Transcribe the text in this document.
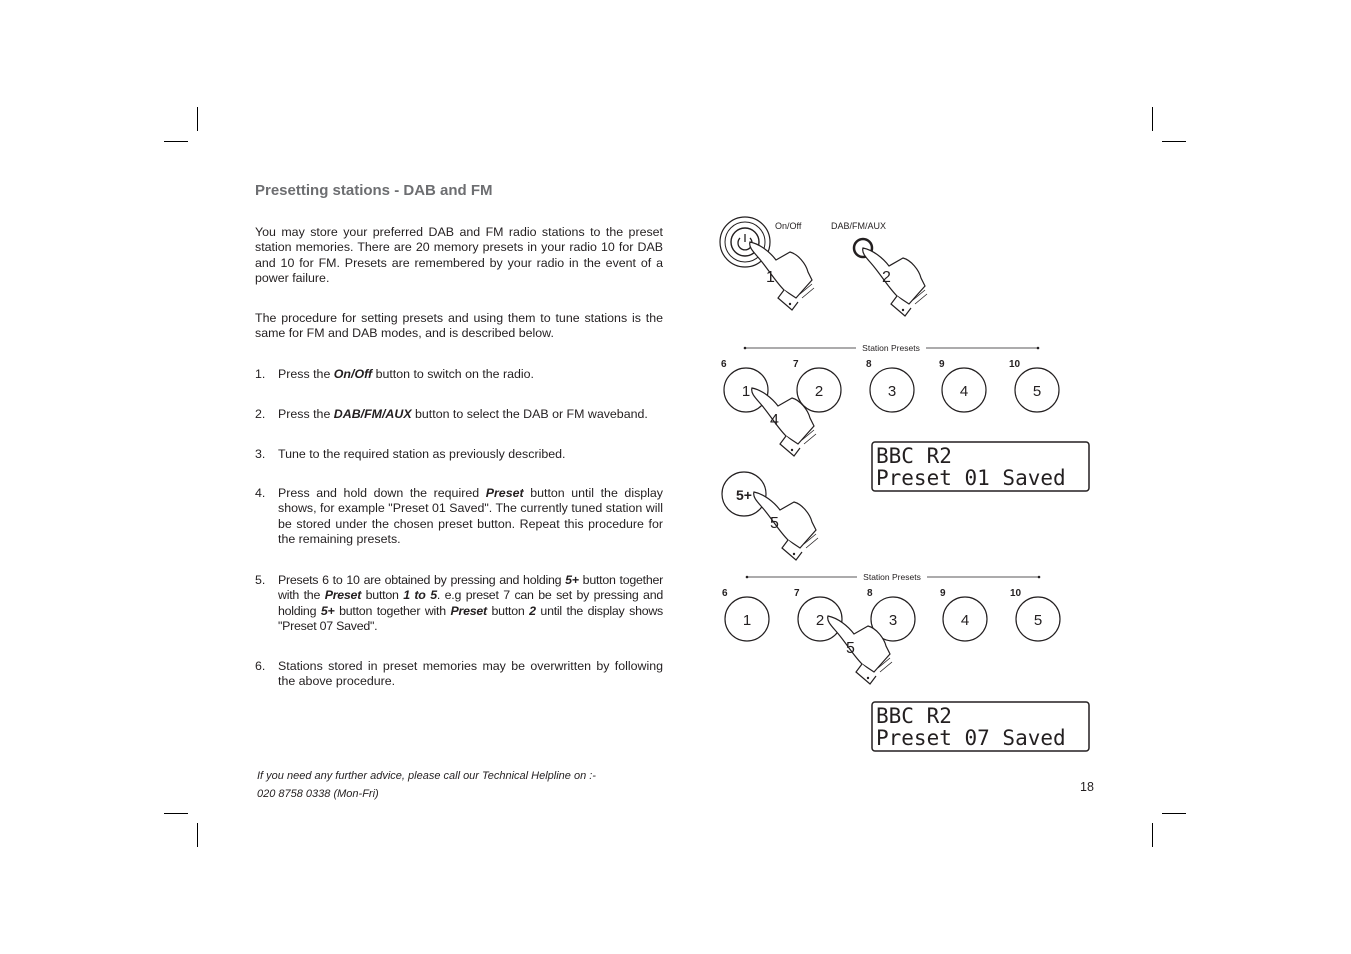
Presetting stations - DAB and FM

You may store your preferred DAB and FM radio stations to the preset station memories. There are 20 memory presets in your radio 10 for DAB and 10 for FM. Presets are remembered by your radio in the event of a power failure.

The procedure for setting presets and using them to tune stations is the same for FM and DAB modes, and is described below.

1. Press the On/Off button to switch on the radio.
2. Press the DAB/FM/AUX button to select the DAB or FM waveband.
3. Tune to the required station as previously described.
4. Press and hold down the required Preset button until the display shows, for example "Preset 01 Saved". The currently tuned station will be stored under the chosen preset button. Repeat this procedure for the remaining presets.
5. Presets 6 to 10 are obtained by pressing and holding 5+ button together with the Preset button 1 to 5. e.g preset 7 can be set by pressing and holding 5+ button together with Preset button 2 until the display shows "Preset 07 Saved".
6. Stations stored in preset memories may be overwritten by following the above procedure.
If you need any further advice, please call our Technical Helpline on :-
020 8758 0338 (Mon-Fri)	18
On/Off
1
DAB/FM/AUX
2
Station Presets
6	7	8	9	10
1	2	3	4	5
4
BBC R2
Preset 01 Saved
5+
5
Station Presets
6	7	8	9	10
1	2	3	4	5
5
BBC R2
Preset 07 Saved
